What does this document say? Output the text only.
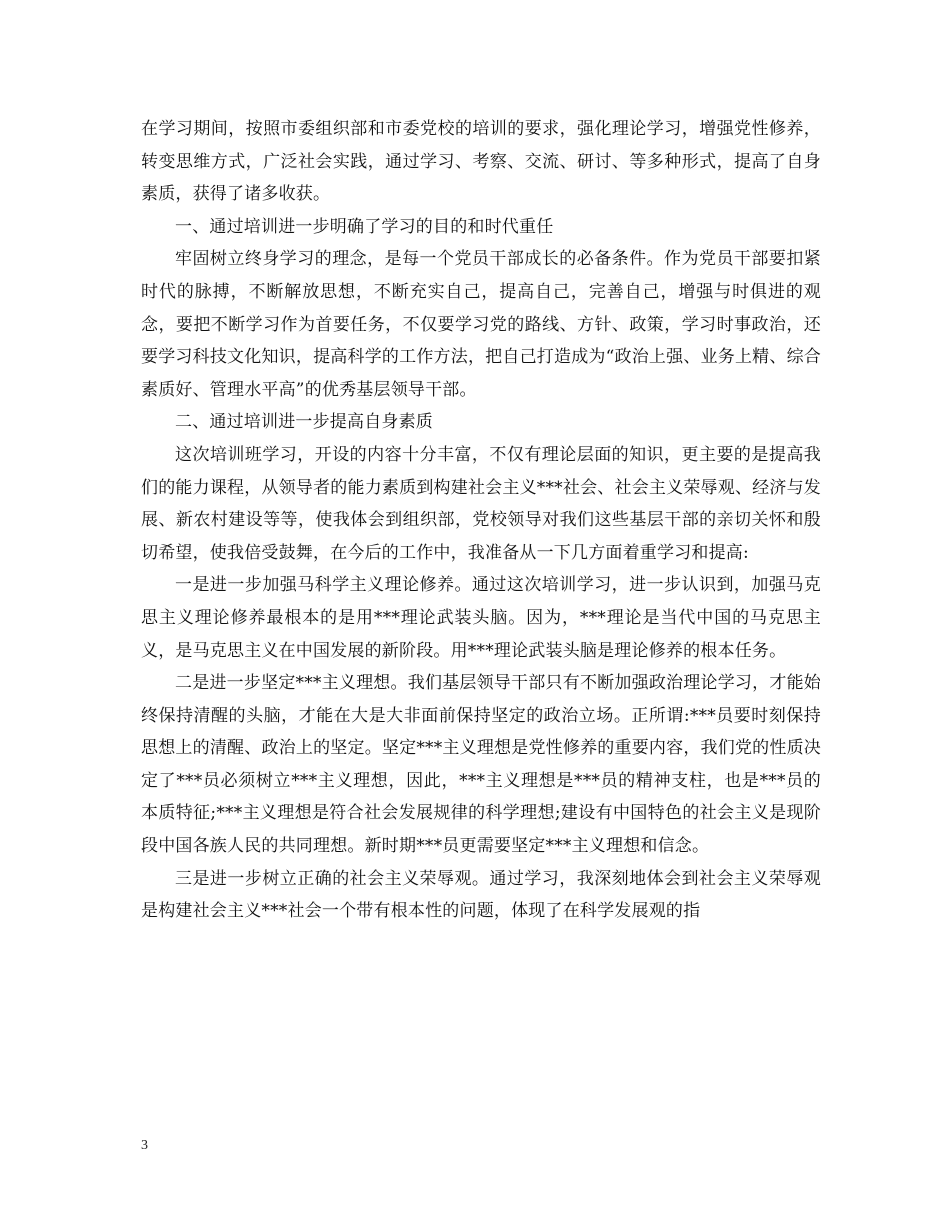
在学习期间，按照市委组织部和市委党校的培训的要求，强化理论学习，增强党性修养，转变思维方式，广泛社会实践，通过学习、考察、交流、研讨、等多种形式，提高了自身素质，获得了诸多收获。

一、通过培训进一步明确了学习的目的和时代重任

牢固树立终身学习的理念，是每一个党员干部成长的必备条件。作为党员干部要扣紧时代的脉搏，不断解放思想，不断充实自己，提高自己，完善自己，增强与时俱进的观念，要把不断学习作为首要任务，不仅要学习党的路线、方针、政策，学习时事政治，还要学习科技文化知识，提高科学的工作方法，把自己打造成为“政治上强、业务上精、综合素质好、管理水平高”的优秀基层领导干部。

二、通过培训进一步提高自身素质

这次培训班学习，开设的内容十分丰富，不仅有理论层面的知识，更主要的是提高我们的能力课程，从领导者的能力素质到构建社会主义***社会、社会主义荣辱观、经济与发展、新农村建设等等，使我体会到组织部，党校领导对我们这些基层干部的亲切关怀和殷切希望，使我倍受鼓舞，在今后的工作中，我准备从一下几方面着重学习和提高:

一是进一步加强马科学主义理论修养。通过这次培训学习，进一步认识到，加强马克思主义理论修养最根本的是用***理论武装头脑。因为，***理论是当代中国的马克思主义，是马克思主义在中国发展的新阶段。用***理论武装头脑是理论修养的根本任务。

二是进一步坚定***主义理想。我们基层领导干部只有不断加强政治理论学习，才能始终保持清醒的头脑，才能在大是大非面前保持坚定的政治立场。正所谓:***员要时刻保持思想上的清醒、政治上的坚定。坚定***主义理想是党性修养的重要内容，我们党的性质决定了***员必须树立***主义理想，因此，***主义理想是***员的精神支柱，也是***员的本质特征;***主义理想是符合社会发展规律的科学理想;建设有中国特色的社会主义是现阶段中国各族人民的共同理想。新时期***员更需要坚定***主义理想和信念。

三是进一步树立正确的社会主义荣辱观。通过学习，我深刻地体会到社会主义荣辱观是构建社会主义***社会一个带有根本性的问题，体现了在科学发展观的指

3
